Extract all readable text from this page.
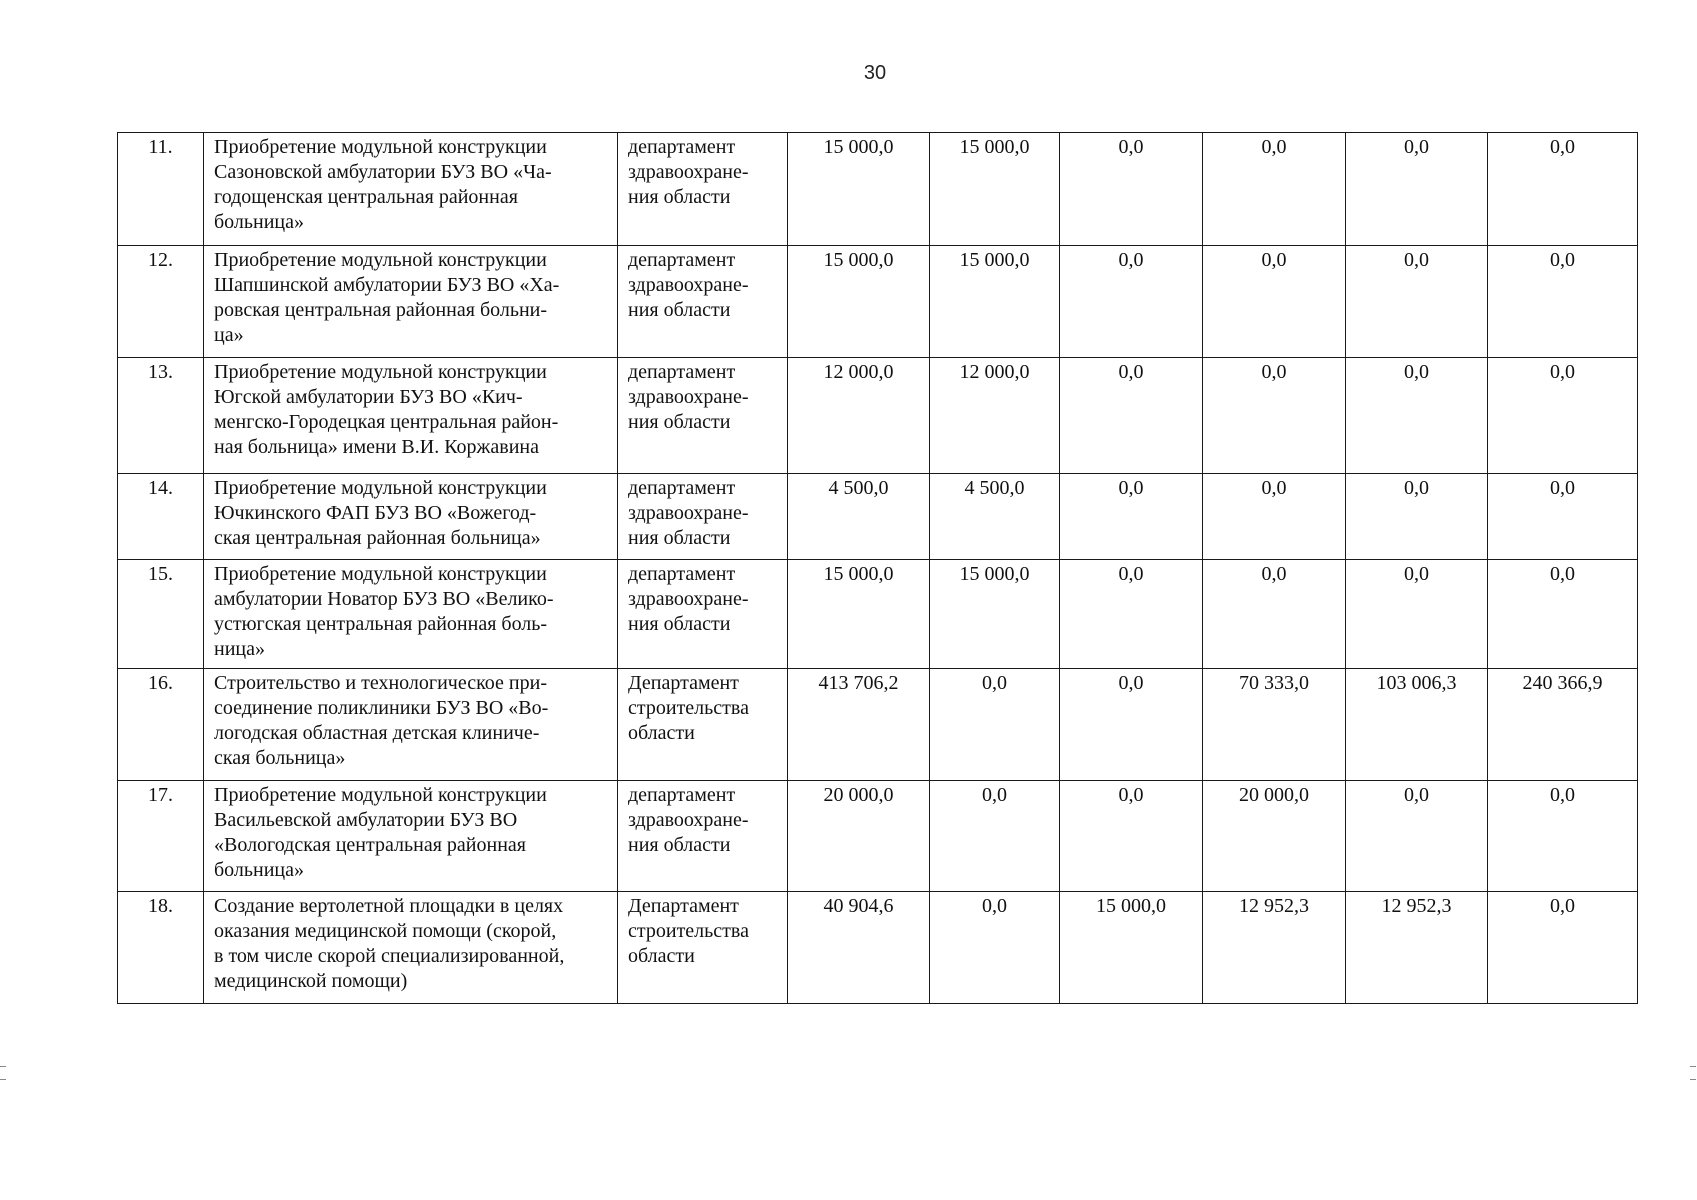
30
11.	Приобретение модульной конструкции
Сазоновской амбулатории БУЗ ВО «Ча-
годощенская центральная районная
больница»	департамент
здравоохране-
ния области	15 000,0	15 000,0	0,0	0,0	0,0	0,0
12.	Приобретение модульной конструкции
Шапшинской амбулатории БУЗ ВО «Ха-
ровская центральная районная больни-
ца»	департамент
здравоохране-
ния области	15 000,0	15 000,0	0,0	0,0	0,0	0,0
13.	Приобретение модульной конструкции
Югской амбулатории БУЗ ВО «Кич-
менгско-Городецкая центральная район-
ная больница» имени В.И. Коржавина	департамент
здравоохране-
ния области	12 000,0	12 000,0	0,0	0,0	0,0	0,0
14.	Приобретение модульной конструкции
Ючкинского ФАП БУЗ ВО «Вожегод-
ская центральная районная больница»	департамент
здравоохране-
ния области	4 500,0	4 500,0	0,0	0,0	0,0	0,0
15.	Приобретение модульной конструкции
амбулатории Новатор БУЗ ВО «Велико-
устюгская центральная районная боль-
ница»	департамент
здравоохране-
ния области	15 000,0	15 000,0	0,0	0,0	0,0	0,0
16.	Строительство и технологическое при-
соединение поликлиники БУЗ ВО «Во-
логодская областная детская клиниче-
ская больница»	Департамент
строительства
области	413 706,2	0,0	0,0	70 333,0	103 006,3	240 366,9
17.	Приобретение модульной конструкции
Васильевской амбулатории БУЗ ВО
«Вологодская центральная районная
больница»	департамент
здравоохране-
ния области	20 000,0	0,0	0,0	20 000,0	0,0	0,0
18.	Создание вертолетной площадки в целях
оказания медицинской помощи (скорой,
в том числе скорой специализированной,
медицинской помощи)	Департамент
строительства
области	40 904,6	0,0	15 000,0	12 952,3	12 952,3	0,0
